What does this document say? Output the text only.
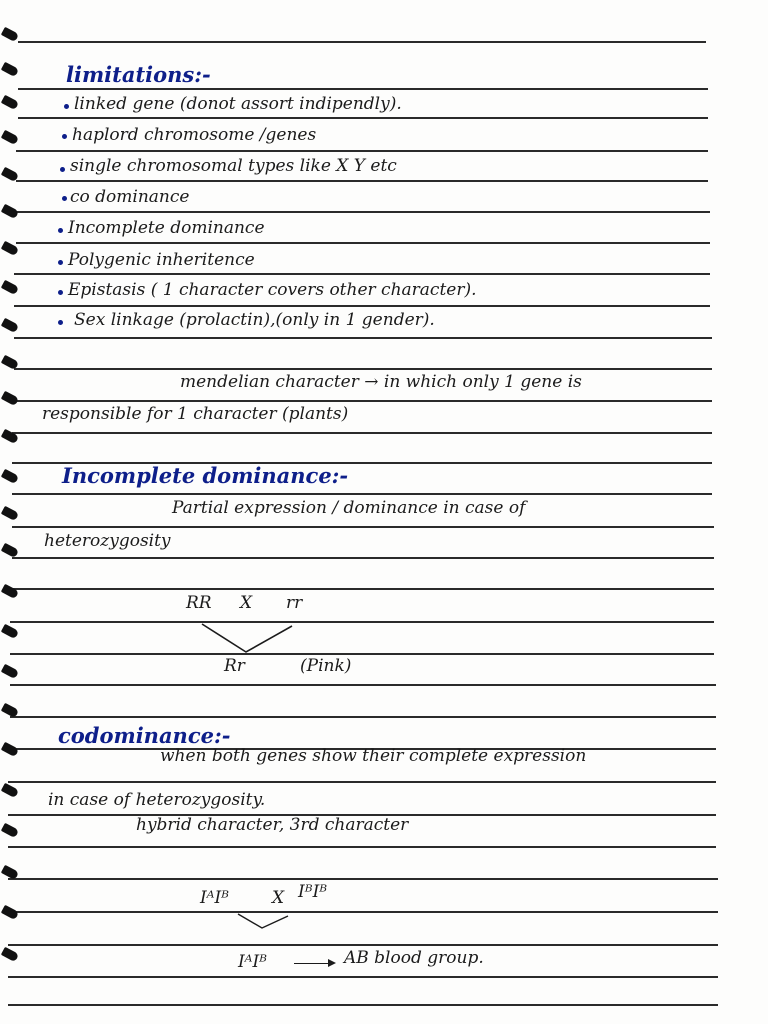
limitations:-
linked gene (donot assort indipendly).
haplord chromosome /genes
single chromosomal types like X Y etc
co dominance
Incomplete dominance
Polygenic inheritence
Epistasis ( 1 character covers other character).
Sex linkage (prolactin),(only in 1 gender).
mendelian character → in which only 1 gene is
responsible for 1 character (plants)
Incomplete dominance:-
Partial expression / dominance in case of
heterozygosity
RR X rr
Rr	(Pink)
codominance:-
when both genes show their complete expression
in case of heterozygosity.
hybrid character, 3rd character
IᴬIᴮ	X IᴮIᴮ
IᴬIᴮ	AB blood group.
